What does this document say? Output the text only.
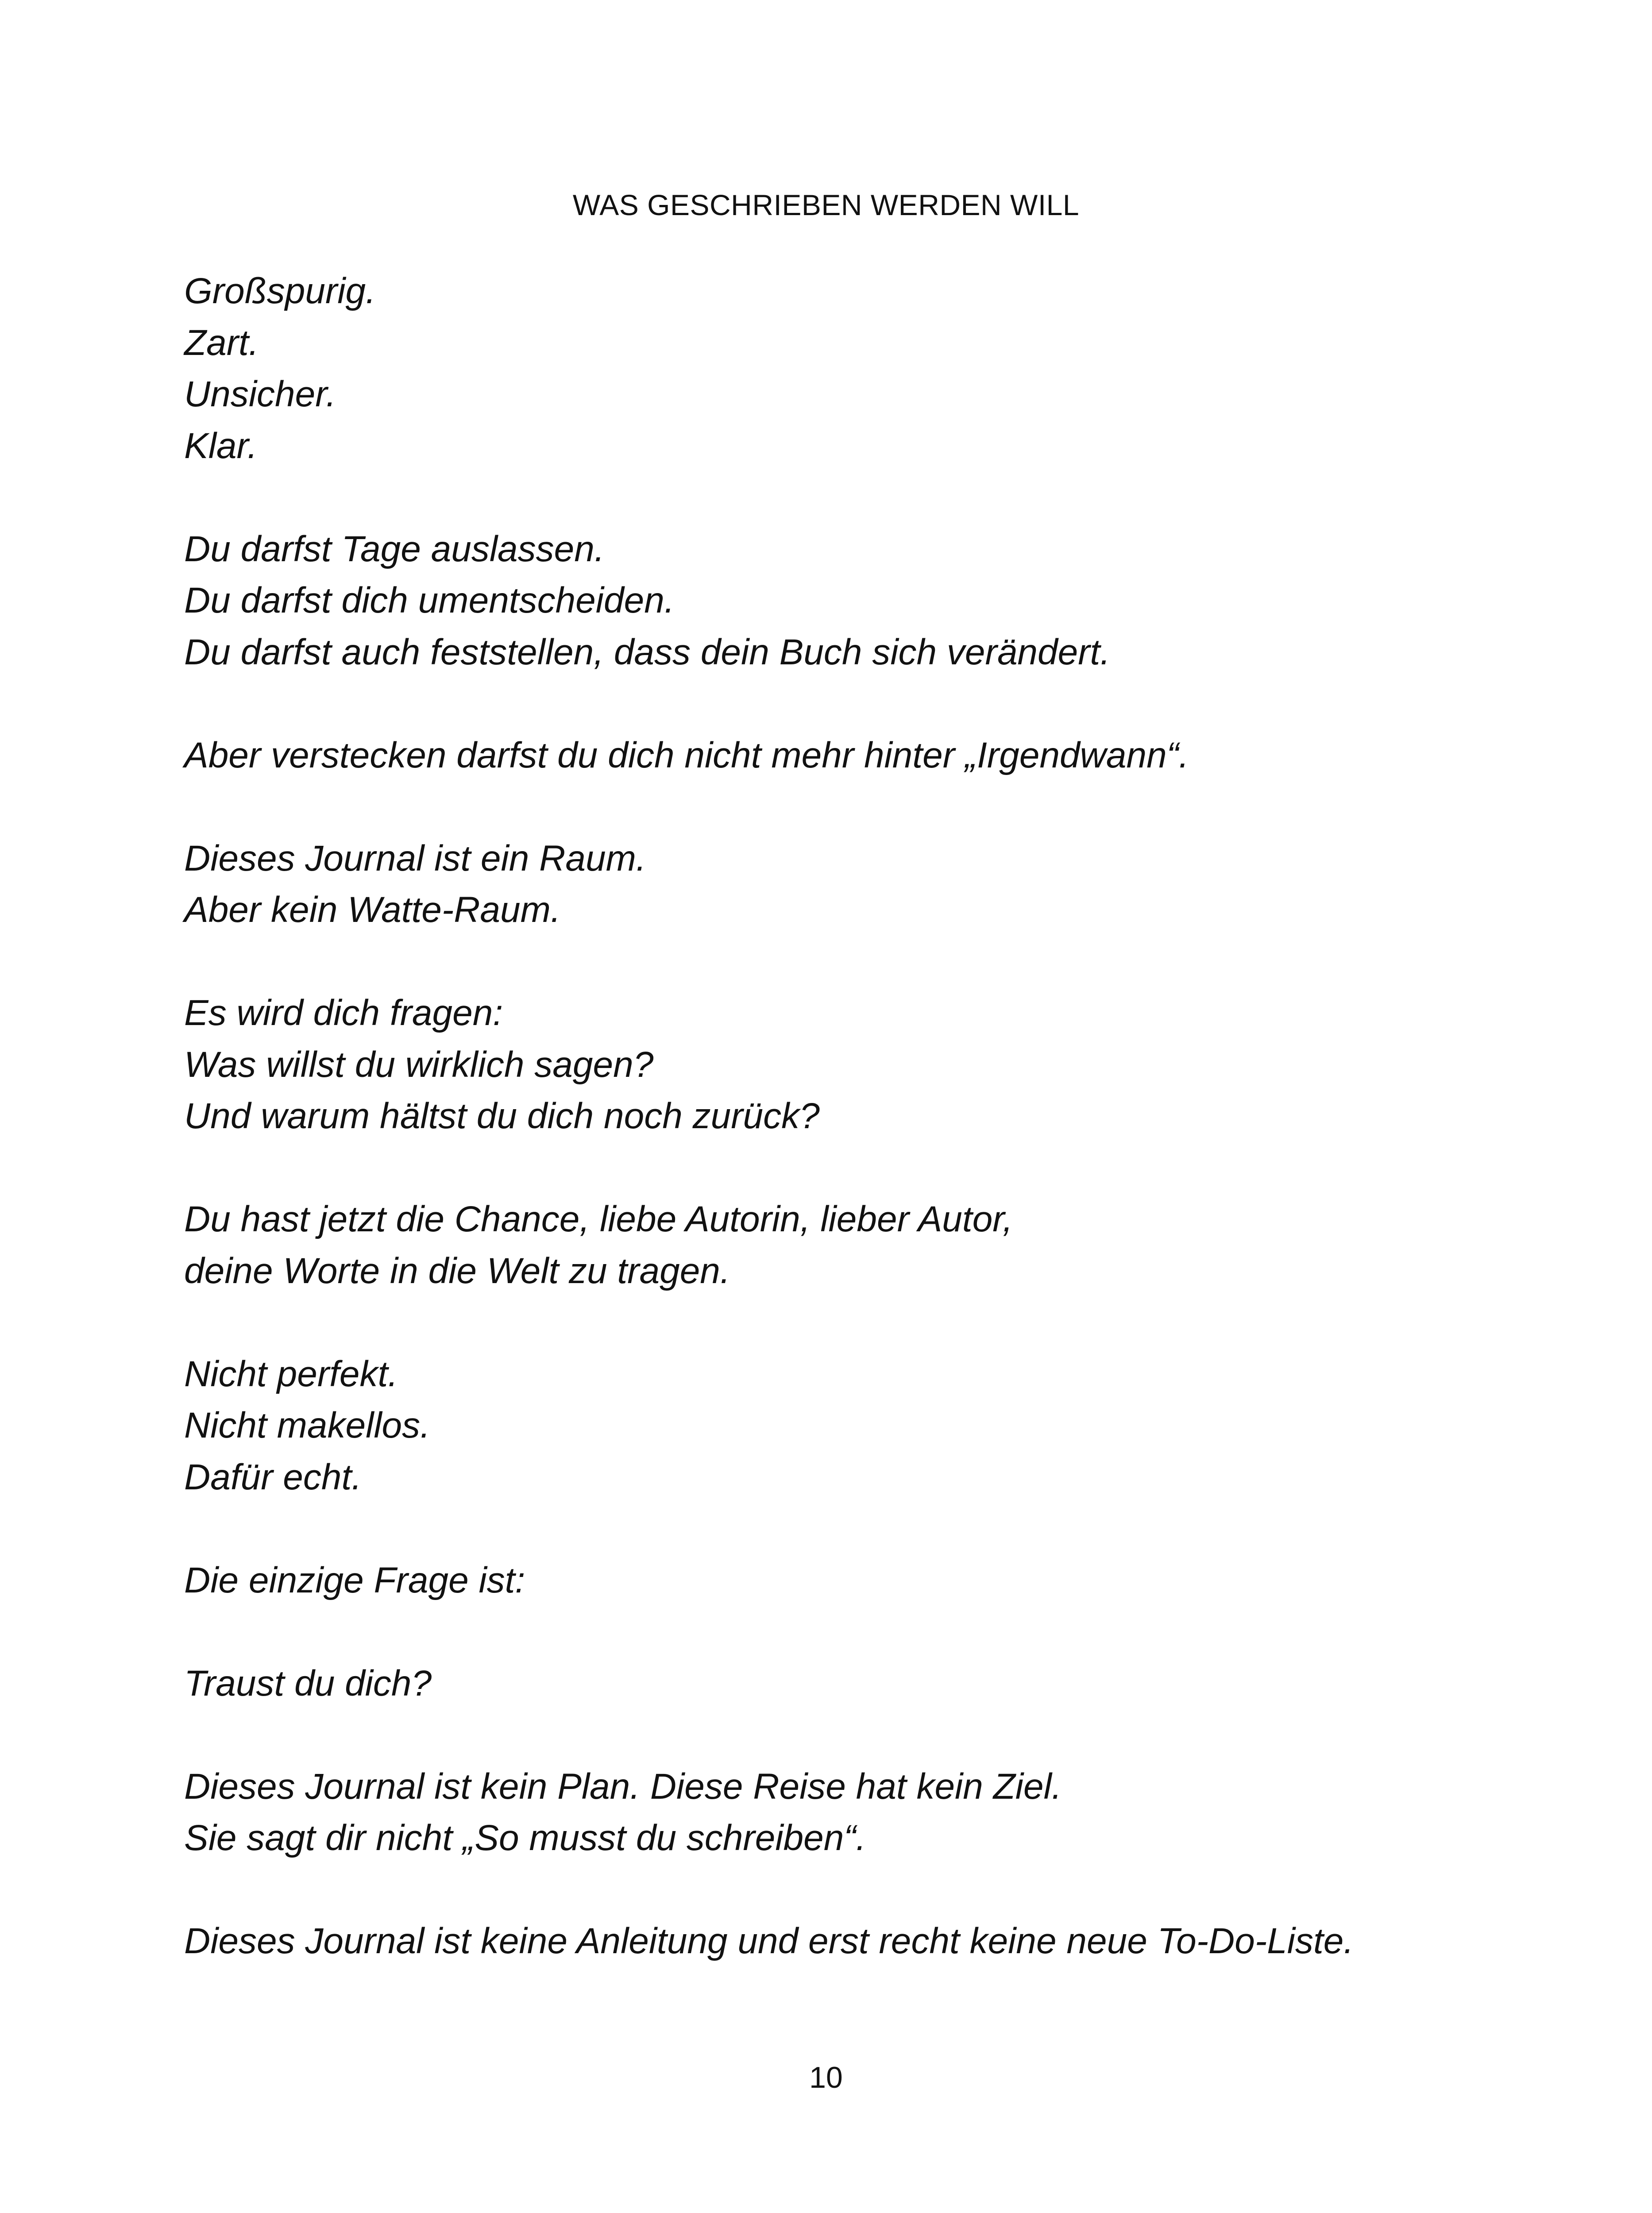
WAS GESCHRIEBEN WERDEN WILL
Großspurig.
Zart.
Unsicher.
Klar.
Du darfst Tage auslassen.
Du darfst dich umentscheiden.
Du darfst auch feststellen, dass dein Buch sich verändert.
Aber verstecken darfst du dich nicht mehr hinter „Irgendwann“.
Dieses Journal ist ein Raum.
Aber kein Watte-Raum.
Es wird dich fragen:
Was willst du wirklich sagen?
Und warum hältst du dich noch zurück?
Du hast jetzt die Chance, liebe Autorin, lieber Autor,
deine Worte in die Welt zu tragen.
Nicht perfekt.
Nicht makellos.
Dafür echt.
Die einzige Frage ist:
Traust du dich?
Dieses Journal ist kein Plan. Diese Reise hat kein Ziel.
Sie sagt dir nicht „So musst du schreiben“.
Dieses Journal ist keine Anleitung und erst recht keine neue To-Do-Liste.
10
